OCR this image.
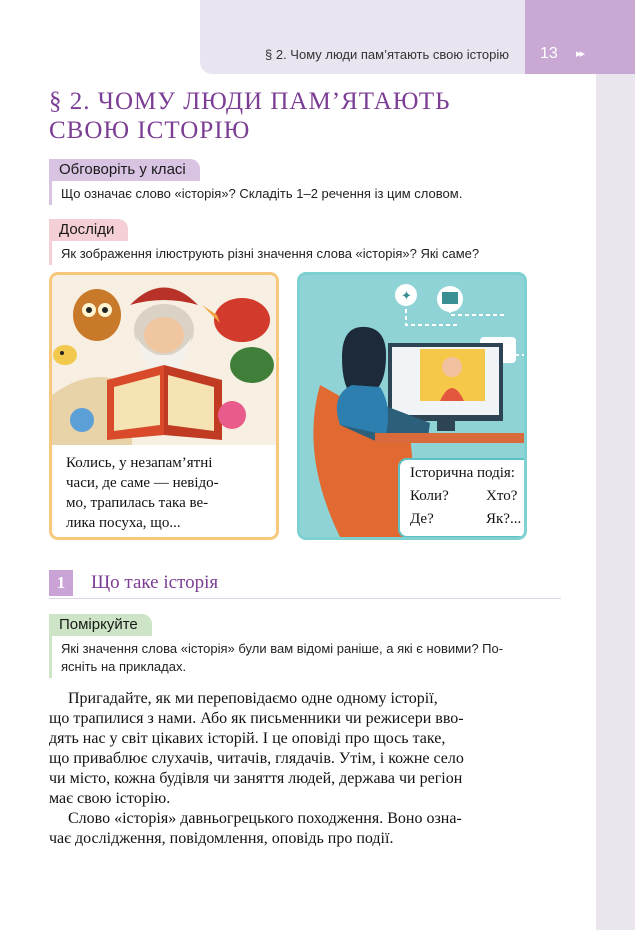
§ 2. Чому люди пам’ятають свою історію 13 ▸▸
§ 2. ЧОМУ ЛЮДИ ПАМ’ЯТАЮТЬ
СВОЮ ІСТОРІЮ
Обговоріть у класі
Що означає слово «історія»? Складіть 1–2 речення із цим словом.
Досліди
Як зображення ілюструють різні значення слова «історія»? Які саме?
Колись, у незапам’ятні
часи, де саме — невідо-
мо, трапилась така ве-
лика посуха, що...
✦
Історична подія:
Коли? Хто?
Де?	Як?...
1	Що таке історія
Поміркуйте
Які значення слова «історія» були вам відомі раніше, а які є новими? По-
ясніть на прикладах.
Пригадайте, як ми переповідаємо одне одному історії,
що трапилися з нами. Або як письменники чи режисери вво-
дять нас у світ цікавих історій. І це оповіді про щось таке,
що приваблює слухачів, читачів, глядачів. Утім, і кожне село
чи місто, кожна будівля чи заняття людей, держава чи регіон
має свою історію.
Слово «історія» давньогрецького походження. Воно озна-
чає дослідження, повідомлення, оповідь про події.
